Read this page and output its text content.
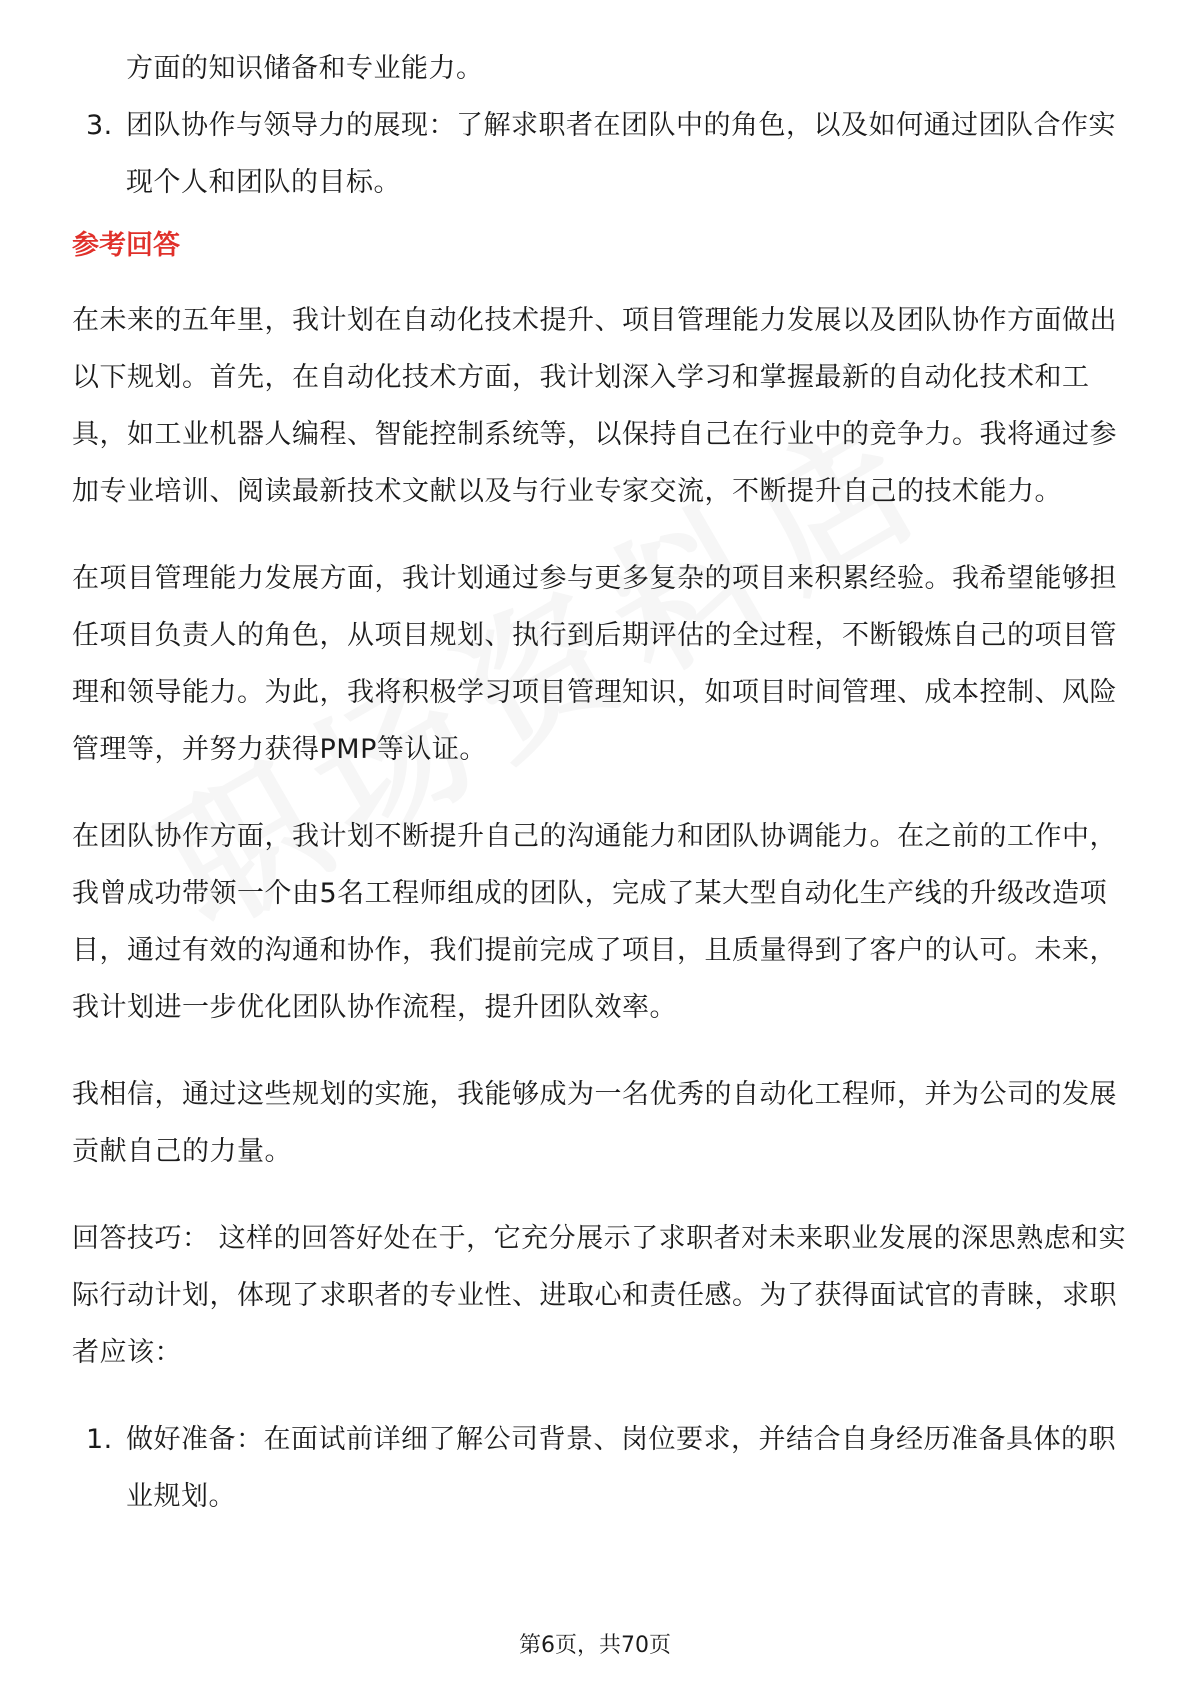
方面的知识储备和专业能力。
3. 团队协作与领导力的展现：了解求职者在团队中的角色，以及如何通过团队合作实现个人和团队的目标。
参考回答
在未来的五年里，我计划在自动化技术提升、项目管理能力发展以及团队协作方面做出以下规划。首先，在自动化技术方面，我计划深入学习和掌握最新的自动化技术和工具，如工业机器人编程、智能控制系统等，以保持自己在行业中的竞争力。我将通过参加专业培训、阅读最新技术文献以及与行业专家交流，不断提升自己的技术能力。
在项目管理能力发展方面，我计划通过参与更多复杂的项目来积累经验。我希望能够担任项目负责人的角色，从项目规划、执行到后期评估的全过程，不断锻炼自己的项目管理和领导能力。为此，我将积极学习项目管理知识，如项目时间管理、成本控制、风险管理等，并努力获得PMP等认证。
在团队协作方面，我计划不断提升自己的沟通能力和团队协调能力。在之前的工作中，我曾成功带领一个由5名工程师组成的团队，完成了某大型自动化生产线的升级改造项目，通过有效的沟通和协作，我们提前完成了项目，且质量得到了客户的认可。未来，我计划进一步优化团队协作流程，提升团队效率。
我相信，通过这些规划的实施，我能够成为一名优秀的自动化工程师，并为公司的发展贡献自己的力量。
回答技巧： 这样的回答好处在于，它充分展示了求职者对未来职业发展的深思熟虑和实际行动计划，体现了求职者的专业性、进取心和责任感。为了获得面试官的青睐，求职者应该：
1. 做好准备：在面试前详细了解公司背景、岗位要求，并结合自身经历准备具体的职业规划。
第6页，共70页
